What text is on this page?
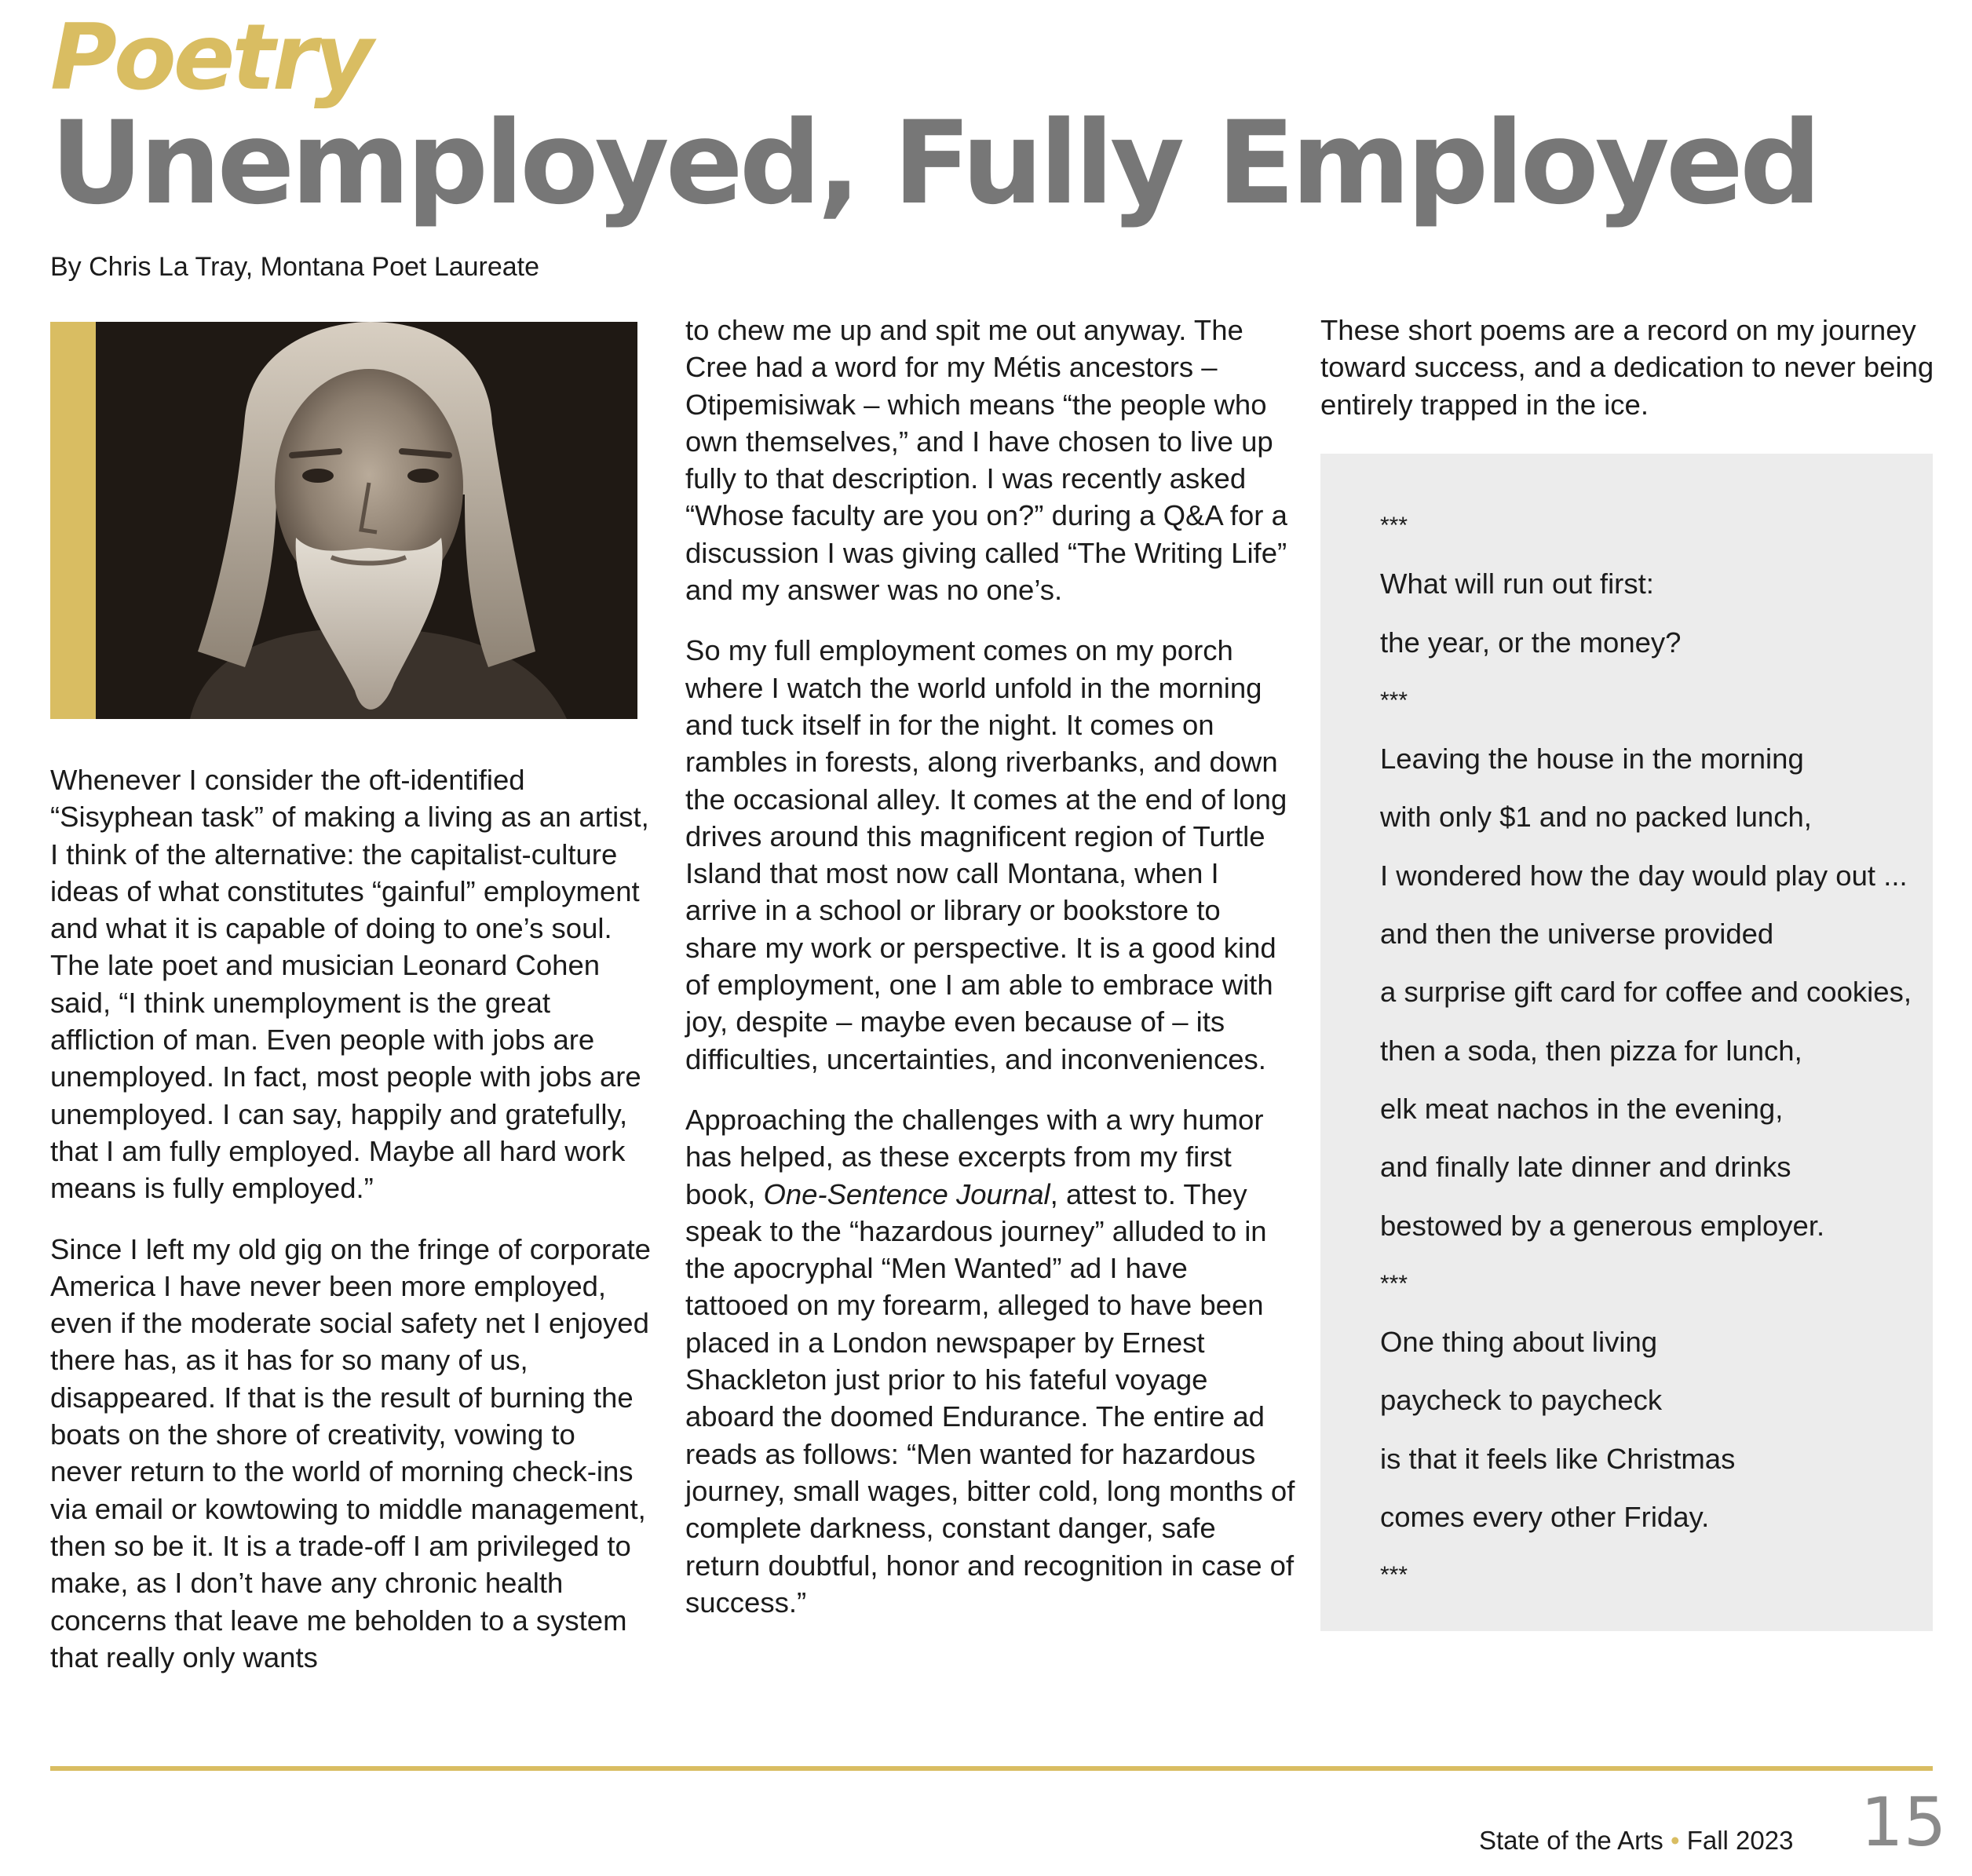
Poetry
Unemployed, Fully Employed
By Chris La Tray, Montana Poet Laureate

Whenever I consider the oft-identified “Sisyphean task” of making a living as an artist, I think of the alternative: the capitalist-culture ideas of what constitutes “gainful” employment and what it is capable of doing to one’s soul. The late poet and musician Leonard Cohen said, “I think unemployment is the great affliction of man. Even people with jobs are unemployed. In fact, most people with jobs are unemployed. I can say, happily and gratefully, that I am fully employed. Maybe all hard work means is fully employed.”

Since I left my old gig on the fringe of corporate America I have never been more employed, even if the moderate social safety net I enjoyed there has, as it has for so many of us, disappeared. If that is the result of burning the boats on the shore of creativity, vowing to never return to the world of morning check-ins via email or kowtowing to middle management, then so be it. It is a trade-off I am privileged to make, as I don’t have any chronic health concerns that leave me beholden to a system that really only wants

to chew me up and spit me out anyway. The Cree had a word for my Métis ancestors – Otipemisiwak – which means “the people who own themselves,” and I have chosen to live up fully to that description. I was recently asked “Whose faculty are you on?” during a Q&A for a discussion I was giving called “The Writing Life” and my answer was no one’s.

So my full employment comes on my porch where I watch the world unfold in the morning and tuck itself in for the night. It comes on rambles in forests, along riverbanks, and down the occasional alley. It comes at the end of long drives around this magnificent region of Turtle Island that most now call Montana, when I arrive in a school or library or bookstore to share my work or perspective. It is a good kind of employment, one I am able to embrace with joy, despite – maybe even because of – its difficulties, uncertainties, and inconveniences.

Approaching the challenges with a wry humor has helped, as these excerpts from my first book, One-Sentence Journal, attest to. They speak to the “hazardous journey” alluded to in the apocryphal “Men Wanted” ad I have tattooed on my forearm, alleged to have been placed in a London newspaper by Ernest Shackleton just prior to his fateful voyage aboard the doomed Endurance. The entire ad reads as follows: “Men wanted for hazardous journey, small wages, bitter cold, long months of complete darkness, constant danger, safe return doubtful, honor and recognition in case of success.”

These short poems are a record on my journey toward success, and a dedication to never being entirely trapped in the ice.

***
What will run out first:
the year, or the money?
***
Leaving the house in the morning
with only $1 and no packed lunch,
I wondered how the day would play out ...
and then the universe provided
a surprise gift card for coffee and cookies,
then a soda, then pizza for lunch,
elk meat nachos in the evening,
and finally late dinner and drinks
bestowed by a generous employer.
***
One thing about living
paycheck to paycheck
is that it feels like Christmas
comes every other Friday.
***
State of the Arts • Fall 2023 15
